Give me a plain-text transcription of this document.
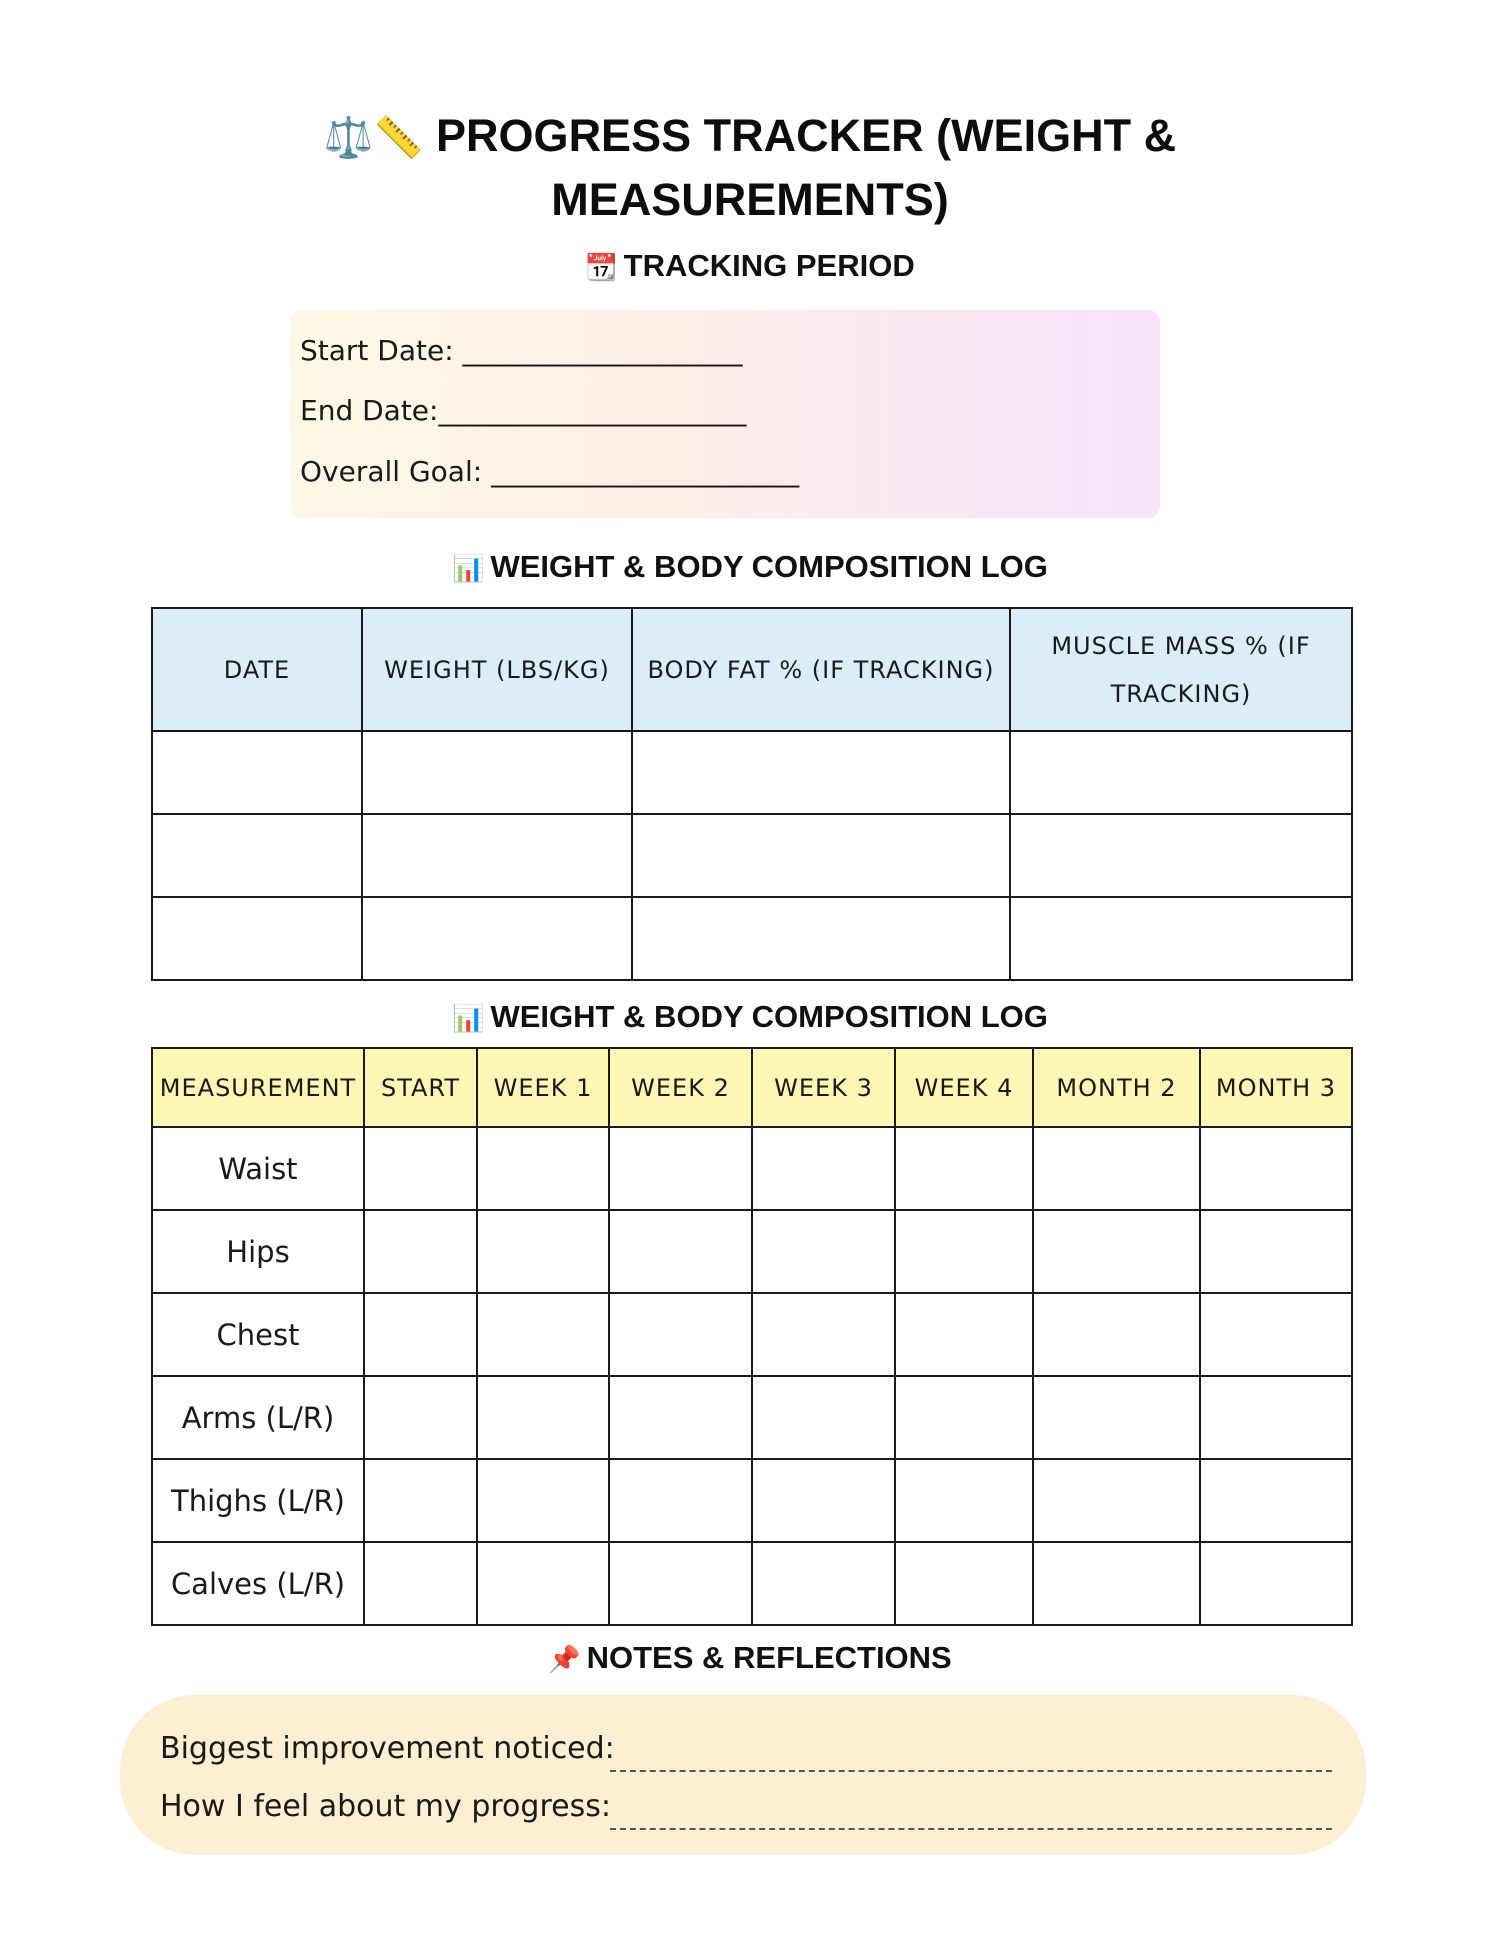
⚖️📏 PROGRESS TRACKER (WEIGHT &
MEASUREMENTS)
📆 TRACKING PERIOD
Start Date: ____________________
End Date:______________________
Overall Goal: ______________________
📊 WEIGHT & BODY COMPOSITION LOG
DATE	WEIGHT (LBS/KG)	BODY FAT % (IF TRACKING)	MUSCLE MASS % (IF TRACKING)

📊 WEIGHT & BODY COMPOSITION LOG
MEASUREMENT	START	WEEK 1	WEEK 2	WEEK 3	WEEK 4	MONTH 2	MONTH 3
Waist							
Hips							
Chest							
Arms (L/R)							
Thighs (L/R)							
Calves (L/R)							
📌 NOTES & REFLECTIONS
Biggest improvement noticed:
How I feel about my progress:
